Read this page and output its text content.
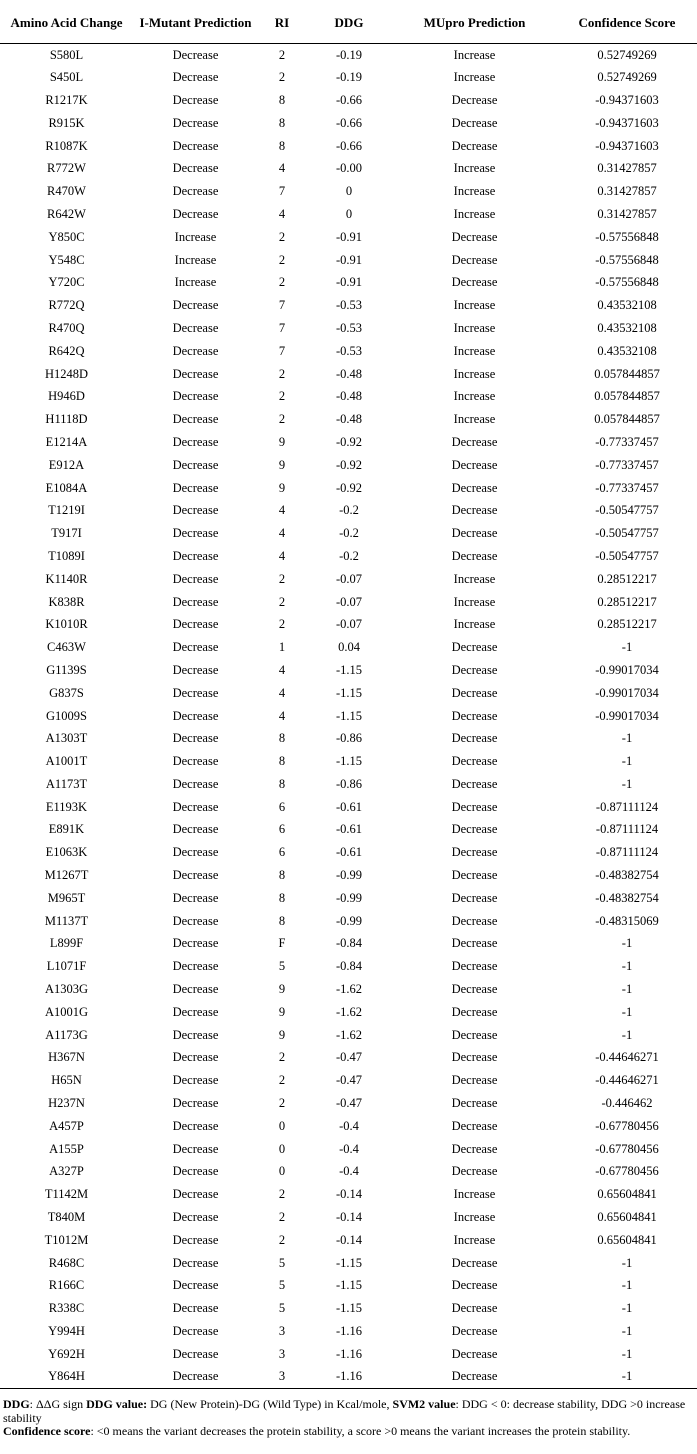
Amino Acid Change	I-Mutant Prediction	RI	DDG	MUpro Prediction	Confidence Score
S580L	Decrease	2	-0.19	Increase	0.52749269
S450L	Decrease	2	-0.19	Increase	0.52749269
R1217K	Decrease	8	-0.66	Decrease	-0.94371603
R915K	Decrease	8	-0.66	Decrease	-0.94371603
R1087K	Decrease	8	-0.66	Decrease	-0.94371603
R772W	Decrease	4	-0.00	Increase	0.31427857
R470W	Decrease	7	0	Increase	0.31427857
R642W	Decrease	4	0	Increase	0.31427857
Y850C	Increase	2	-0.91	Decrease	-0.57556848
Y548C	Increase	2	-0.91	Decrease	-0.57556848
Y720C	Increase	2	-0.91	Decrease	-0.57556848
R772Q	Decrease	7	-0.53	Increase	0.43532108
R470Q	Decrease	7	-0.53	Increase	0.43532108
R642Q	Decrease	7	-0.53	Increase	0.43532108
H1248D	Decrease	2	-0.48	Increase	0.057844857
H946D	Decrease	2	-0.48	Increase	0.057844857
H1118D	Decrease	2	-0.48	Increase	0.057844857
E1214A	Decrease	9	-0.92	Decrease	-0.77337457
E912A	Decrease	9	-0.92	Decrease	-0.77337457
E1084A	Decrease	9	-0.92	Decrease	-0.77337457
T1219I	Decrease	4	-0.2	Decrease	-0.50547757
T917I	Decrease	4	-0.2	Decrease	-0.50547757
T1089I	Decrease	4	-0.2	Decrease	-0.50547757
K1140R	Decrease	2	-0.07	Increase	0.28512217
K838R	Decrease	2	-0.07	Increase	0.28512217
K1010R	Decrease	2	-0.07	Increase	0.28512217
C463W	Decrease	1	0.04	Decrease	-1
G1139S	Decrease	4	-1.15	Decrease	-0.99017034
G837S	Decrease	4	-1.15	Decrease	-0.99017034
G1009S	Decrease	4	-1.15	Decrease	-0.99017034
A1303T	Decrease	8	-0.86	Decrease	-1
A1001T	Decrease	8	-1.15	Decrease	-1
A1173T	Decrease	8	-0.86	Decrease	-1
E1193K	Decrease	6	-0.61	Decrease	-0.87111124
E891K	Decrease	6	-0.61	Decrease	-0.87111124
E1063K	Decrease	6	-0.61	Decrease	-0.87111124
M1267T	Decrease	8	-0.99	Decrease	-0.48382754
M965T	Decrease	8	-0.99	Decrease	-0.48382754
M1137T	Decrease	8	-0.99	Decrease	-0.48315069
L899F	Decrease	F	-0.84	Decrease	-1
L1071F	Decrease	5	-0.84	Decrease	-1
A1303G	Decrease	9	-1.62	Decrease	-1
A1001G	Decrease	9	-1.62	Decrease	-1
A1173G	Decrease	9	-1.62	Decrease	-1
H367N	Decrease	2	-0.47	Decrease	-0.44646271
H65N	Decrease	2	-0.47	Decrease	-0.44646271
H237N	Decrease	2	-0.47	Decrease	-0.446462
A457P	Decrease	0	-0.4	Decrease	-0.67780456
A155P	Decrease	0	-0.4	Decrease	-0.67780456
A327P	Decrease	0	-0.4	Decrease	-0.67780456
T1142M	Decrease	2	-0.14	Increase	0.65604841
T840M	Decrease	2	-0.14	Increase	0.65604841
T1012M	Decrease	2	-0.14	Increase	0.65604841
R468C	Decrease	5	-1.15	Decrease	-1
R166C	Decrease	5	-1.15	Decrease	-1
R338C	Decrease	5	-1.15	Decrease	-1
Y994H	Decrease	3	-1.16	Decrease	-1
Y692H	Decrease	3	-1.16	Decrease	-1
Y864H	Decrease	3	-1.16	Decrease	-1

DDG: ΔΔG sign DDG value: DG (New Protein)-DG (Wild Type) in Kcal/mole, SVM2 value: DDG < 0: decrease stability, DDG >0 increase stability

Confidence score: <0 means the variant decreases the protein stability, a score >0 means the variant increases the protein stability.
